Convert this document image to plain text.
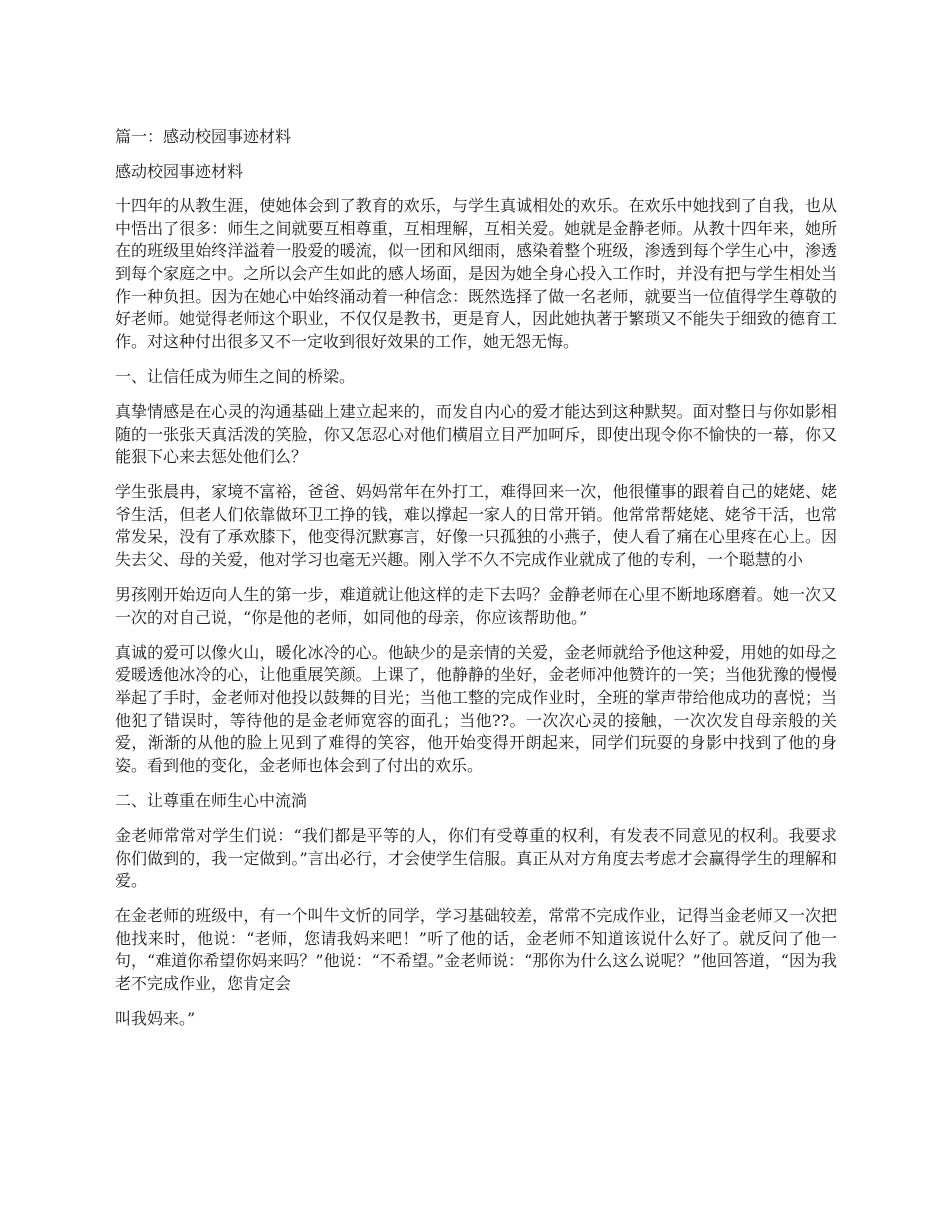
篇一：感动校园事迹材料

感动校园事迹材料

十四年的从教生涯，使她体会到了教育的欢乐，与学生真诚相处的欢乐。在欢乐中她找到了自我，也从中悟出了很多：师生之间就要互相尊重，互相理解，互相关爱。她就是金静老师。从教十四年来，她所在的班级里始终洋溢着一股爱的暖流，似一团和风细雨，感染着整个班级，渗透到每个学生心中，渗透到每个家庭之中。之所以会产生如此的感人场面，是因为她全身心投入工作时，并没有把与学生相处当作一种负担。因为在她心中始终涌动着一种信念：既然选择了做一名老师，就要当一位值得学生尊敬的好老师。她觉得老师这个职业，不仅仅是教书，更是育人，因此她执著于繁琐又不能失于细致的德育工作。对这种付出很多又不一定收到很好效果的工作，她无怨无悔。

一、让信任成为师生之间的桥梁。

真挚情感是在心灵的沟通基础上建立起来的，而发自内心的爱才能达到这种默契。面对整日与你如影相随的一张张天真活泼的笑脸，你又怎忍心对他们横眉立目严加呵斥，即使出现令你不愉快的一幕，你又能狠下心来去惩处他们么？

学生张晨冉，家境不富裕，爸爸、妈妈常年在外打工，难得回来一次，他很懂事的跟着自己的姥姥、姥爷生活，但老人们依靠做环卫工挣的钱，难以撑起一家人的日常开销。他常常帮姥姥、姥爷干活，也常常发呆，没有了承欢膝下，他变得沉默寡言，好像一只孤独的小燕子，使人看了痛在心里疼在心上。因失去父、母的关爱，他对学习也毫无兴趣。刚入学不久不完成作业就成了他的专利，一个聪慧的小

男孩刚开始迈向人生的第一步，难道就让他这样的走下去吗？金静老师在心里不断地琢磨着。她一次又一次的对自己说，“你是他的老师，如同他的母亲，你应该帮助他。”

真诚的爱可以像火山，暖化冰冷的心。他缺少的是亲情的关爱，金老师就给予他这种爱，用她的如母之爱暖透他冰冷的心，让他重展笑颜。上课了，他静静的坐好，金老师冲他赞许的一笑；当他犹豫的慢慢举起了手时，金老师对他投以鼓舞的目光；当他工整的完成作业时，全班的掌声带给他成功的喜悦；当他犯了错误时，等待他的是金老师宽容的面孔；当他??。一次次心灵的接触，一次次发自母亲般的关爱，渐渐的从他的脸上见到了难得的笑容，他开始变得开朗起来，同学们玩耍的身影中找到了他的身姿。看到他的变化，金老师也体会到了付出的欢乐。

二、让尊重在师生心中流淌

金老师常常对学生们说：“我们都是平等的人，你们有受尊重的权利，有发表不同意见的权利。我要求你们做到的，我一定做到。”言出必行，才会使学生信服。真正从对方角度去考虑才会赢得学生的理解和爱。

在金老师的班级中，有一个叫牛文忻的同学，学习基础较差，常常不完成作业，记得当金老师又一次把他找来时，他说：“老师，您请我妈来吧！”听了他的话，金老师不知道该说什么好了。就反问了他一句，“难道你希望你妈来吗？”他说：“不希望。”金老师说：“那你为什么这么说呢？”他回答道，“因为我老不完成作业，您肯定会

叫我妈来。”
